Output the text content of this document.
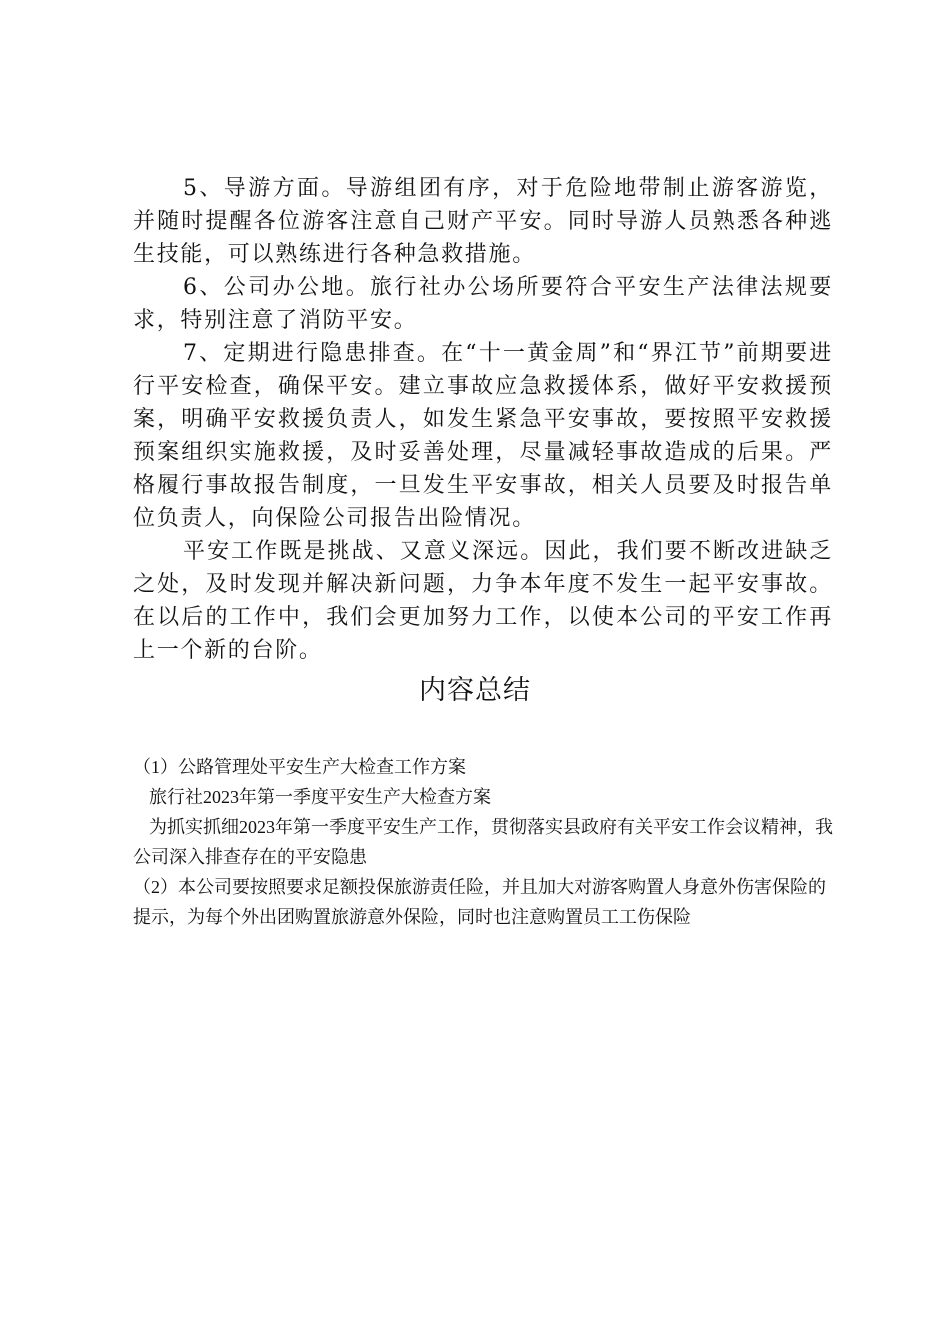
5、导游方面。导游组团有序，对于危险地带制止游客游览，并随时提醒各位游客注意自己财产平安。同时导游人员熟悉各种逃生技能，可以熟练进行各种急救措施。

6、公司办公地。旅行社办公场所要符合平安生产法律法规要求，特别注意了消防平安。

7、定期进行隐患排查。在“十一黄金周”和“界江节”前期要进行平安检查，确保平安。建立事故应急救援体系，做好平安救援预案，明确平安救援负责人，如发生紧急平安事故，要按照平安救援预案组织实施救援，及时妥善处理，尽量减轻事故造成的后果。严格履行事故报告制度，一旦发生平安事故，相关人员要及时报告单位负责人，向保险公司报告出险情况。

平安工作既是挑战、又意义深远。因此，我们要不断改进缺乏之处，及时发现并解决新问题，力争本年度不发生一起平安事故。在以后的工作中，我们会更加努力工作，以使本公司的平安工作再上一个新的台阶。

内容总结

（1）公路管理处平安生产大检查工作方案

旅行社2023年第一季度平安生产大检查方案

为抓实抓细2023年第一季度平安生产工作，贯彻落实县政府有关平安工作会议精神，我公司深入排查存在的平安隐患

（2）本公司要按照要求足额投保旅游责任险，并且加大对游客购置人身意外伤害保险的提示，为每个外出团购置旅游意外保险，同时也注意购置员工工伤保险
